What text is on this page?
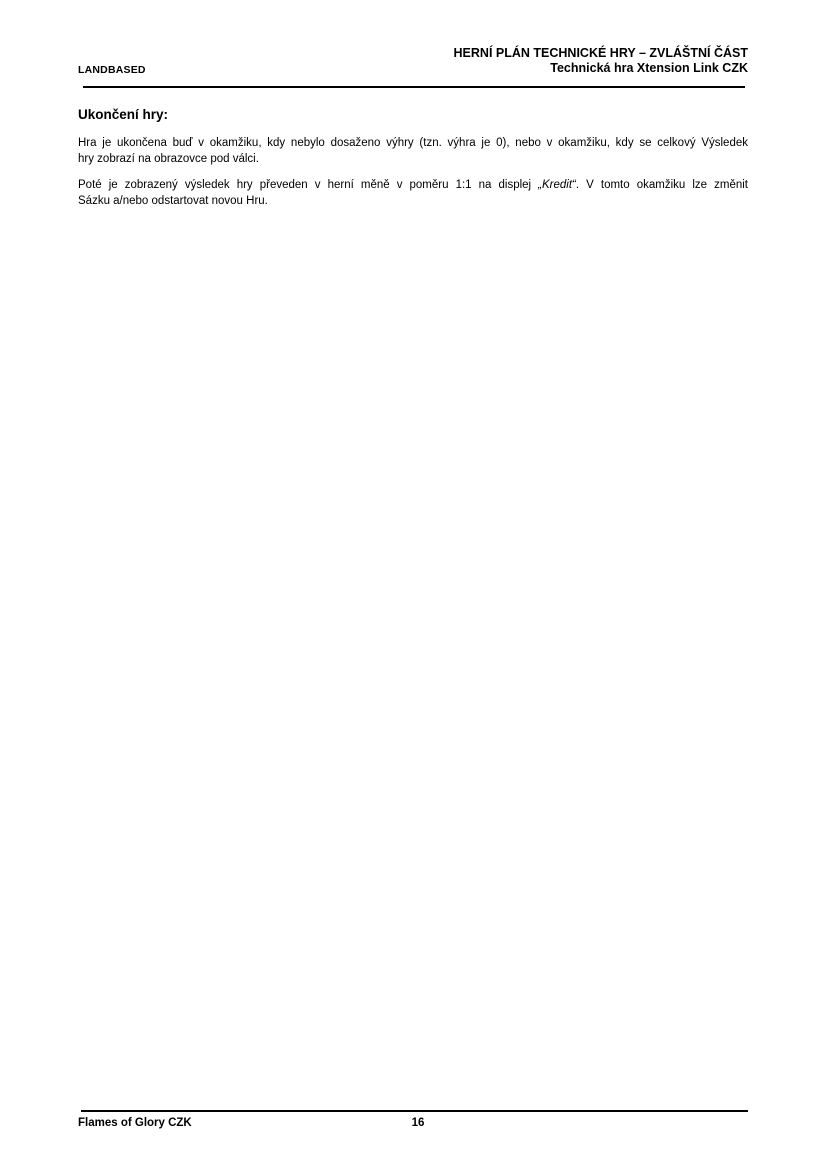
HERNÍ PLÁN TECHNICKÉ HRY – ZVLÁŠTNÍ ČÁST
Technická hra Xtension Link CZK
LANDBASED
Ukončení hry:
Hra je ukončena buď v okamžiku, kdy nebylo dosaženo výhry (tzn. výhra je 0), nebo v okamžiku, kdy se celkový Výsledek
hry zobrazí na obrazovce pod válci.
Poté je zobrazený výsledek hry převeden v herní měně v poměru 1:1 na displej „Kredit“. V tomto okamžiku lze změnit
Sázku a/nebo odstartovat novou Hru.
Flames of Glory CZK	16
